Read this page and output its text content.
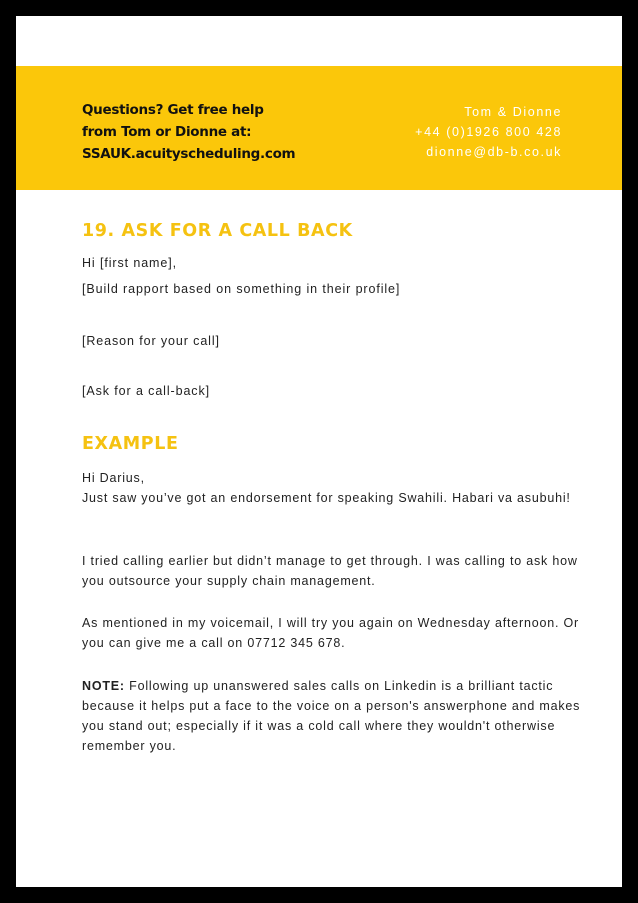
Questions? Get free help
from Tom or Dionne at:
SSAUK.acuityscheduling.com
Tom & Dionne
+44 (0)1926 800 428
dionne@db-b.co.uk
19. ASK FOR A CALL BACK
Hi [first name],
[Build rapport based on something in their profile]
[Reason for your call]
[Ask for a call-back]
EXAMPLE
Hi Darius,
Just saw you’ve got an endorsement for speaking Swahili. Habari va asubuhi!
I tried calling earlier but didn’t manage to get through. I was calling to ask how you outsource your supply chain management.
As mentioned in my voicemail, I will try you again on Wednesday afternoon. Or you can give me a call on 07712 345 678.
NOTE: Following up unanswered sales calls on Linkedin is a brilliant tactic because it helps put a face to the voice on a person's answerphone and makes you stand out; especially if it was a cold call where they wouldn't otherwise remember you.
